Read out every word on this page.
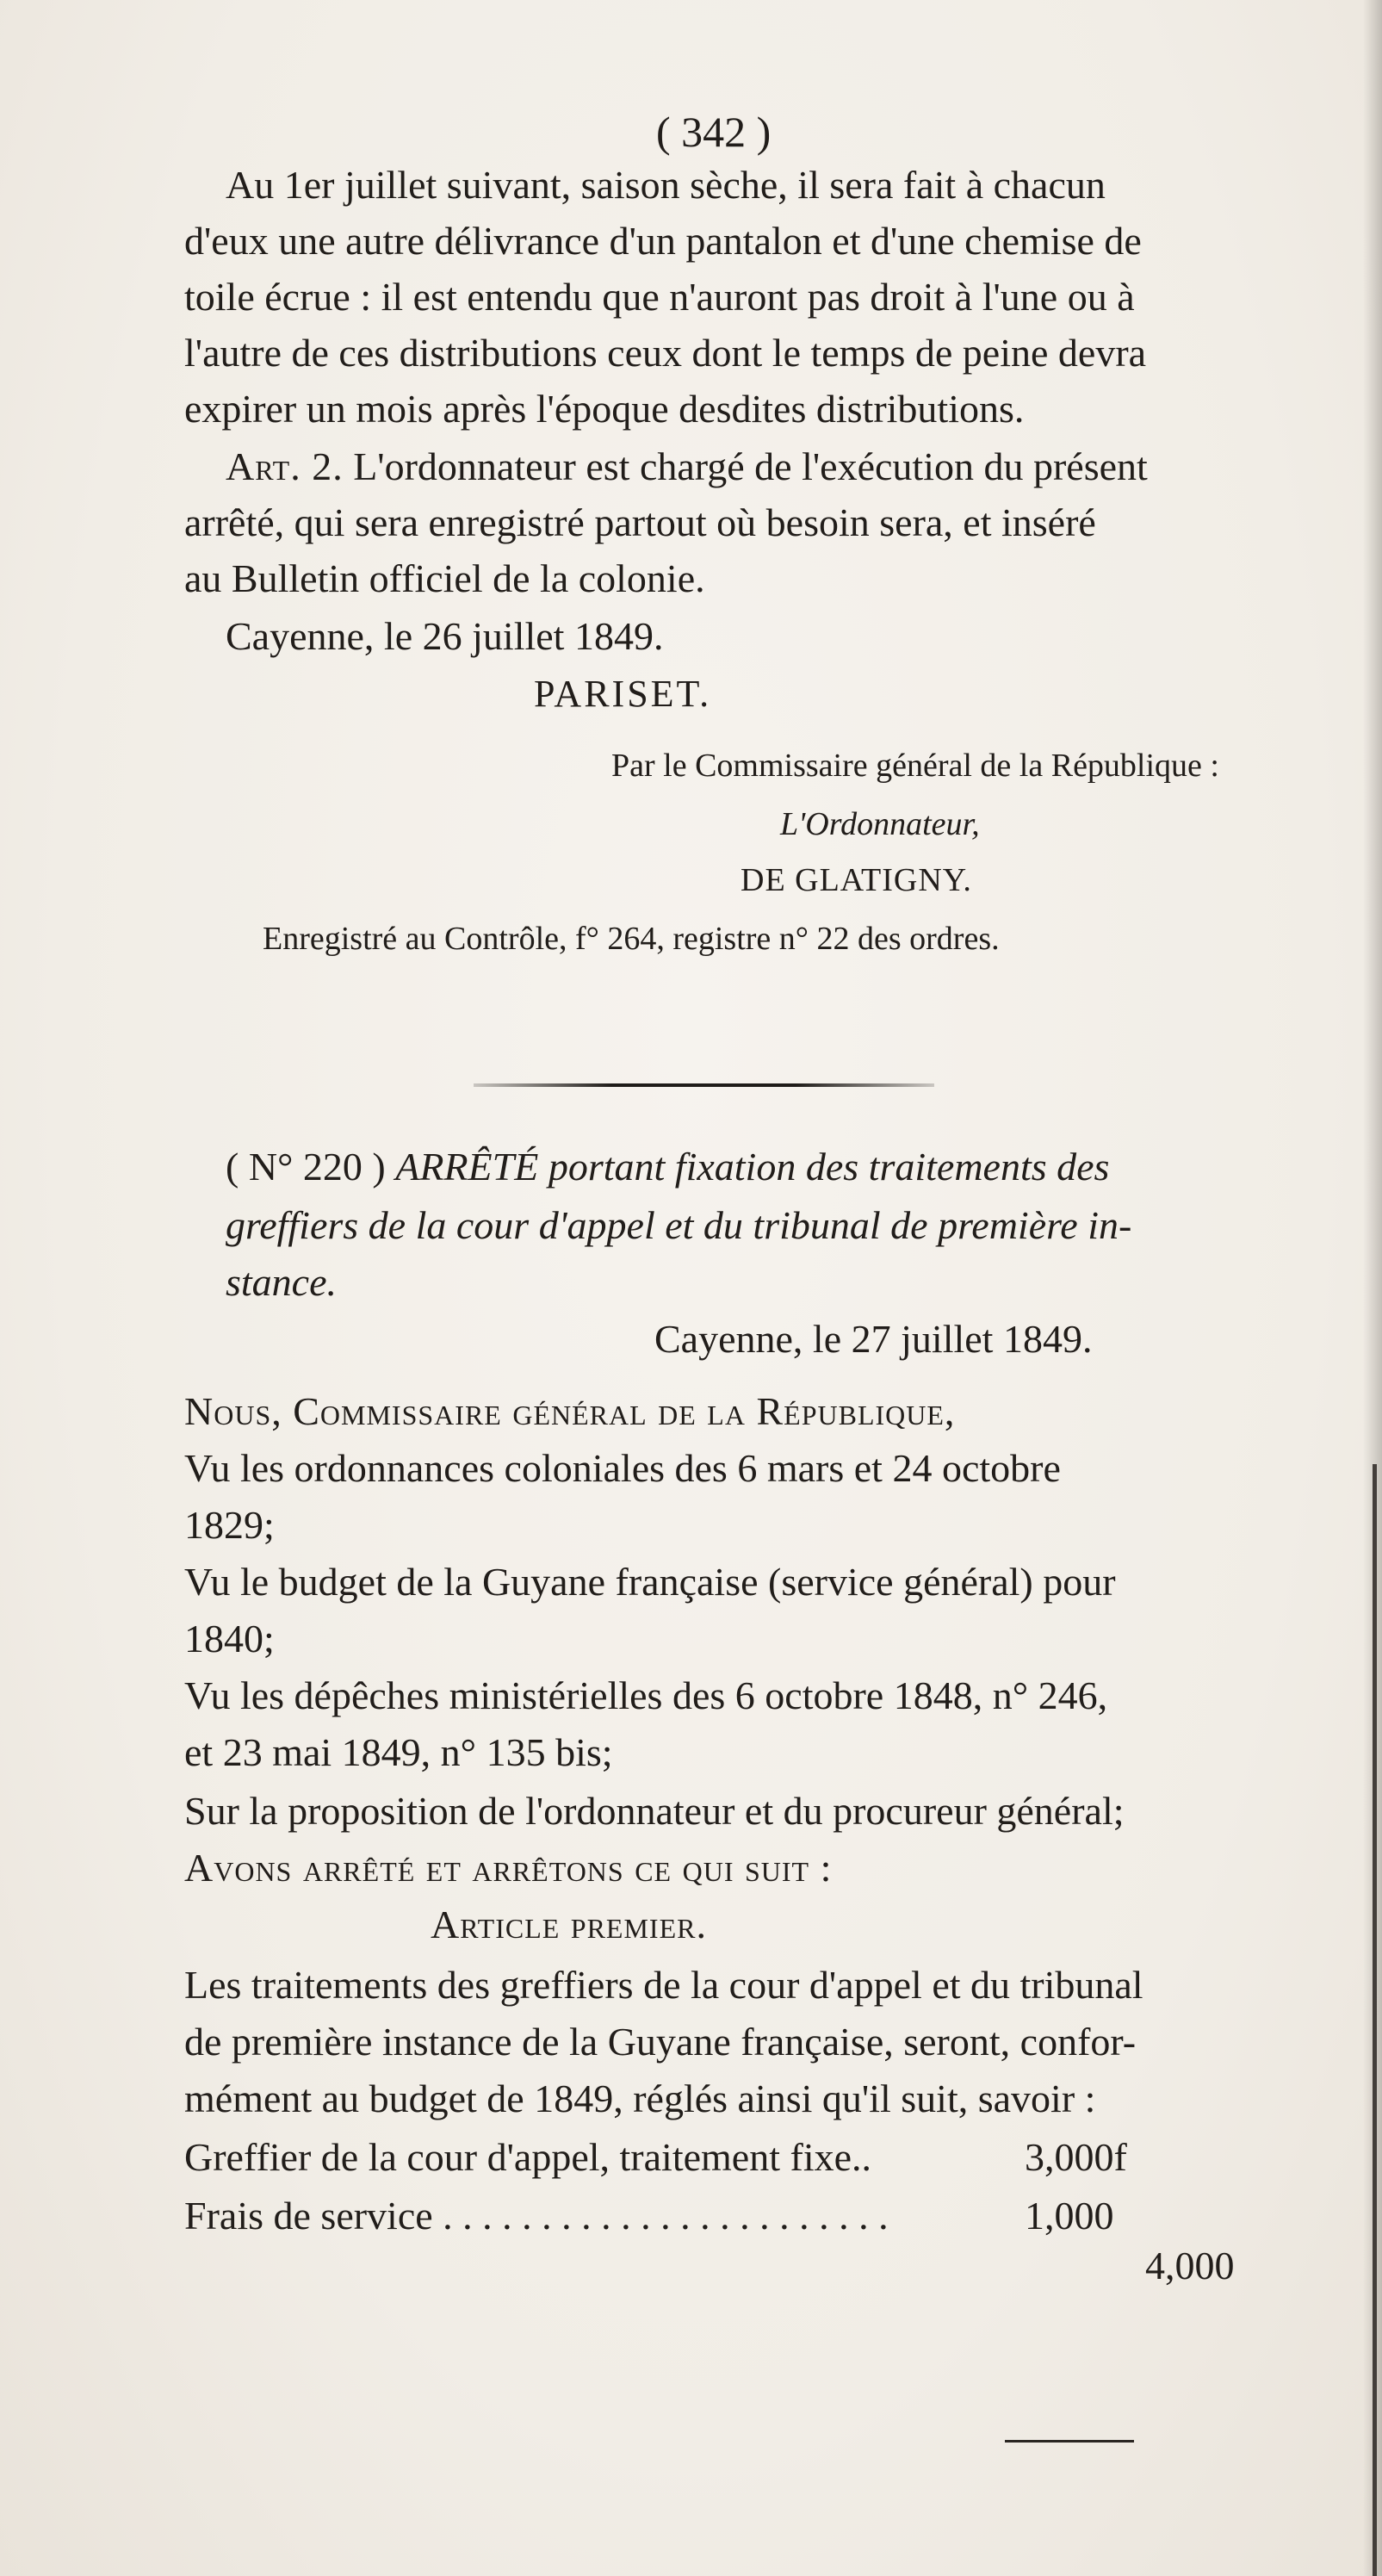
( 342 )
Au 1er juillet suivant, saison sèche, il sera fait à chacun
d'eux une autre délivrance d'un pantalon et d'une chemise de
toile écrue : il est entendu que n'auront pas droit à l'une ou à
l'autre de ces distributions ceux dont le temps de peine devra
expirer un mois après l'époque desdites distributions.
Art. 2. L'ordonnateur est chargé de l'exécution du présent
arrêté, qui sera enregistré partout où besoin sera, et inséré
au Bulletin officiel de la colonie.
Cayenne, le 26 juillet 1849.
PARISET.
Par le Commissaire général de la République :
L'Ordonnateur,
DE GLATIGNY.
Enregistré au Contrôle, f° 264, registre n° 22 des ordres.
( N° 220 ) ARRÊTÉ portant fixation des traitements des
greffiers de la cour d'appel et du tribunal de première in-
stance.
Cayenne, le 27 juillet 1849.
Nous, Commissaire général de la République,
Vu les ordonnances coloniales des 6 mars et 24 octobre
1829;
Vu le budget de la Guyane française (service général) pour
1840;
Vu les dépêches ministérielles des 6 octobre 1848, n° 246,
et 23 mai 1849, n° 135 bis;
Sur la proposition de l'ordonnateur et du procureur général;
Avons arrêté et arrêtons ce qui suit :
Article premier.
Les traitements des greffiers de la cour d'appel et du tribunal
de première instance de la Guyane française, seront, confor-
mément au budget de 1849, réglés ainsi qu'il suit, savoir :
Greffier de la cour d'appel, traitement fixe..	3,000f
Frais de service . . . . . . . . . . . . . . . . . . . . . . .	1,000
4,000
